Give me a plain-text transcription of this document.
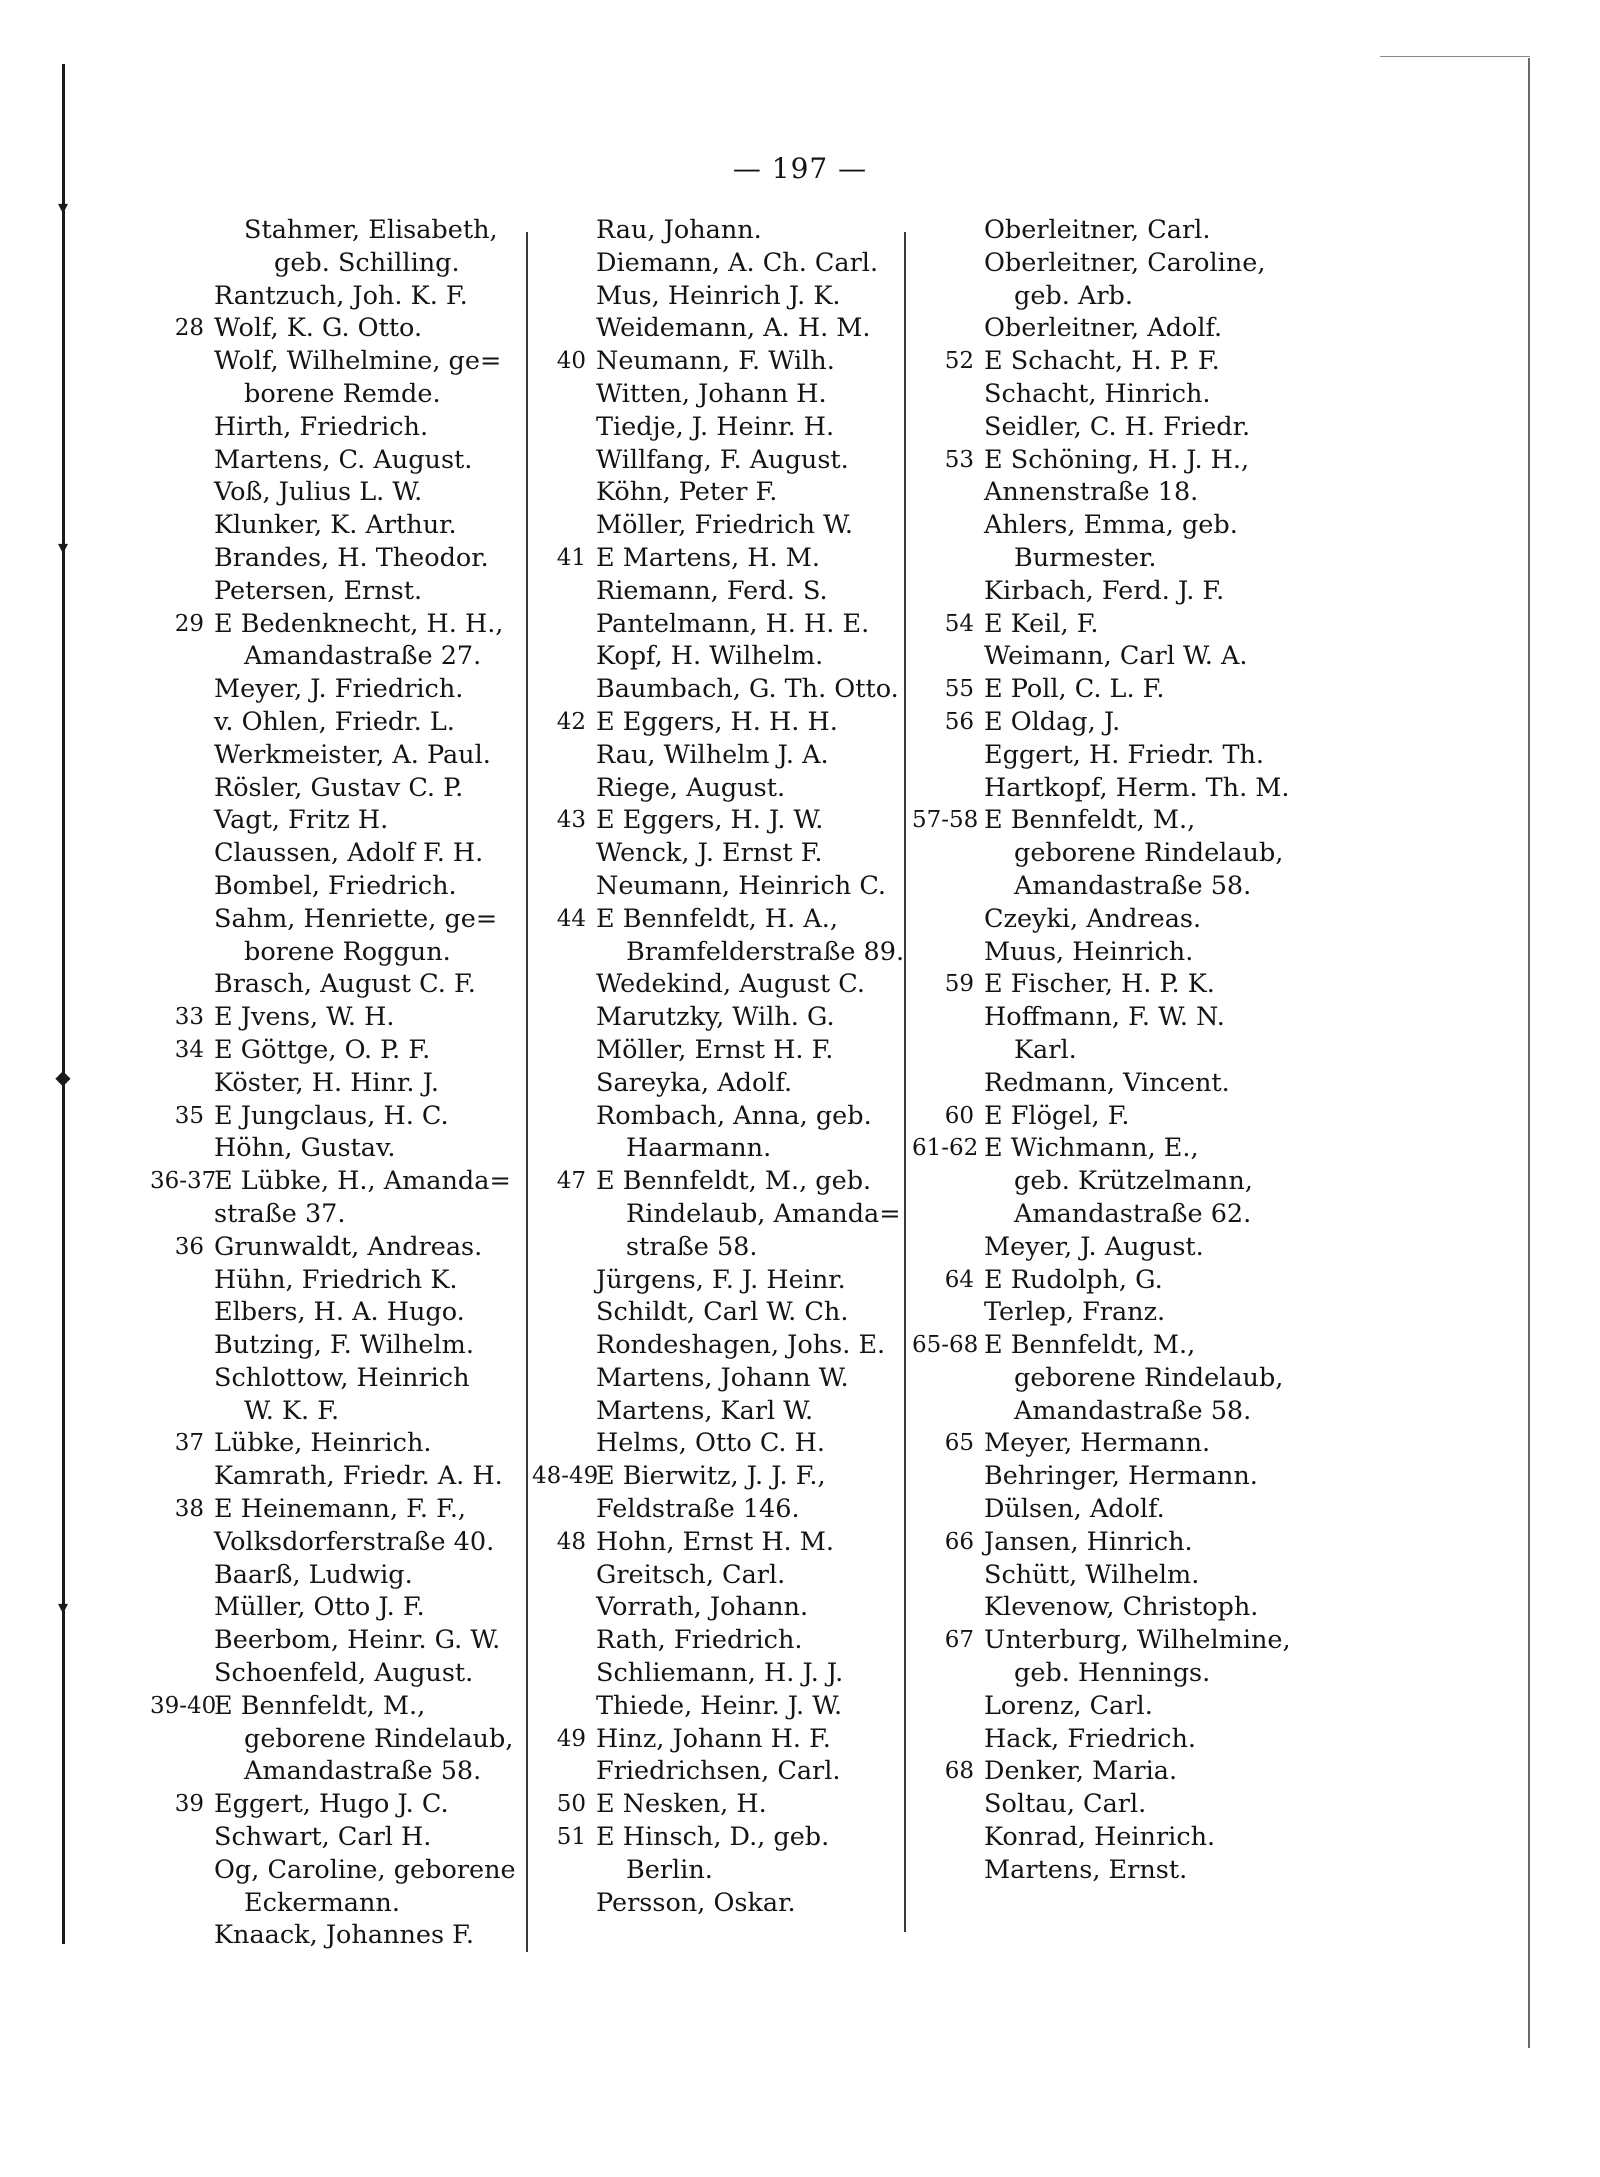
▾
▾
◆
▾
— 197 —
Stahmer, Elisabeth,
geb. Schilling.
Rantzuch, Joh. K. F.
28 Wolf, K. G. Otto.
Wolf, Wilhelmine, ge=
borene Remde.
Hirth, Friedrich.
Martens, C. August.
Voß, Julius L. W.
Klunker, K. Arthur.
Brandes, H. Theodor.
Petersen, Ernst.
29 E Bedenknecht, H. H.,
Amandastraße 27.
Meyer, J. Friedrich.
v. Ohlen, Friedr. L.
Werkmeister, A. Paul.
Rösler, Gustav C. P.
Vagt, Fritz H.
Claussen, Adolf F. H.
Bombel, Friedrich.
Sahm, Henriette, ge=
borene Roggun.
Brasch, August C. F.
33 E Jvens, W. H.
34 E Göttge, O. P. F.
Köster, H. Hinr. J.
35 E Jungclaus, H. C.
Höhn, Gustav.
36-37
E Lübke, H., Amanda=
straße 37.
36 Grunwaldt, Andreas.
Hühn, Friedrich K.
Elbers, H. A. Hugo.
Butzing, F. Wilhelm.
Schlottow, Heinrich
W. K. F.
37 Lübke, Heinrich.
Kamrath, Friedr. A. H.
38 E Heinemann, F. F.,
Volksdorferstraße 40.
Baarß, Ludwig.
Müller, Otto J. F.
Beerbom, Heinr. G. W.
Schoenfeld, August.
39-40
E Bennfeldt, M.,
geborene Rindelaub,
Amandastraße 58.
39 Eggert, Hugo J. C.
Schwart, Carl H.
Og, Caroline, geborene
Eckermann.
Knaack, Johannes F.
Rau, Johann.
Diemann, A. Ch. Carl.
Mus, Heinrich J. K.
Weidemann, A. H. M.
40 Neumann, F. Wilh.
Witten, Johann H.
Tiedje, J. Heinr. H.
Willfang, F. August.
Köhn, Peter F.
Möller, Friedrich W.
41 E Martens, H. M.
Riemann, Ferd. S.
Pantelmann, H. H. E.
Kopf, H. Wilhelm.
Baumbach, G. Th. Otto.
42 E Eggers, H. H. H.
Rau, Wilhelm J. A.
Riege, August.
43 E Eggers, H. J. W.
Wenck, J. Ernst F.
Neumann, Heinrich C.
44 E Bennfeldt, H. A.,
Bramfelderstraße 89.
Wedekind, August C.
Marutzky, Wilh. G.
Möller, Ernst H. F.
Sareyka, Adolf.
Rombach, Anna, geb.
Haarmann.
47 E Bennfeldt, M., geb.
Rindelaub, Amanda=
straße 58.
Jürgens, F. J. Heinr.
Schildt, Carl W. Ch.
Rondeshagen, Johs. E.
Martens, Johann W.
Martens, Karl W.
Helms, Otto C. H.
48-49
E Bierwitz, J. J. F.,
Feldstraße 146.
48 Hohn, Ernst H. M.
Greitsch, Carl.
Vorrath, Johann.
Rath, Friedrich.
Schliemann, H. J. J.
Thiede, Heinr. J. W.
49 Hinz, Johann H. F.
Friedrichsen, Carl.
50 E Nesken, H.
51 E Hinsch, D., geb.
Berlin.
Persson, Oskar.
Oberleitner, Carl.
Oberleitner, Caroline,
geb. Arb.
Oberleitner, Adolf.
52 E Schacht, H. P. F.
Schacht, Hinrich.
Seidler, C. H. Friedr.
53 E Schöning, H. J. H.,
Annenstraße 18.
Ahlers, Emma, geb.
Burmester.
Kirbach, Ferd. J. F.
54 E Keil, F.
Weimann, Carl W. A.
55 E Poll, C. L. F.
56 E Oldag, J.
Eggert, H. Friedr. Th.
Hartkopf, Herm. Th. M.
57-58 E Bennfeldt, M.,
geborene Rindelaub,
Amandastraße 58.
Czeyki, Andreas.
Muus, Heinrich.
59 E Fischer, H. P. K.
Hoffmann, F. W. N.
Karl.
Redmann, Vincent.
60 E Flögel, F.
61-62 E Wichmann, E.,
geb. Krützelmann,
Amandastraße 62.
Meyer, J. August.
64 E Rudolph, G.
Terlep, Franz.
65-68 E Bennfeldt, M.,
geborene Rindelaub,
Amandastraße 58.
65 Meyer, Hermann.
Behringer, Hermann.
Dülsen, Adolf.
66 Jansen, Hinrich.
Schütt, Wilhelm.
Klevenow, Christoph.
67 Unterburg, Wilhelmine,
geb. Hennings.
Lorenz, Carl.
Hack, Friedrich.
68 Denker, Maria.
Soltau, Carl.
Konrad, Heinrich.
Martens, Ernst.
